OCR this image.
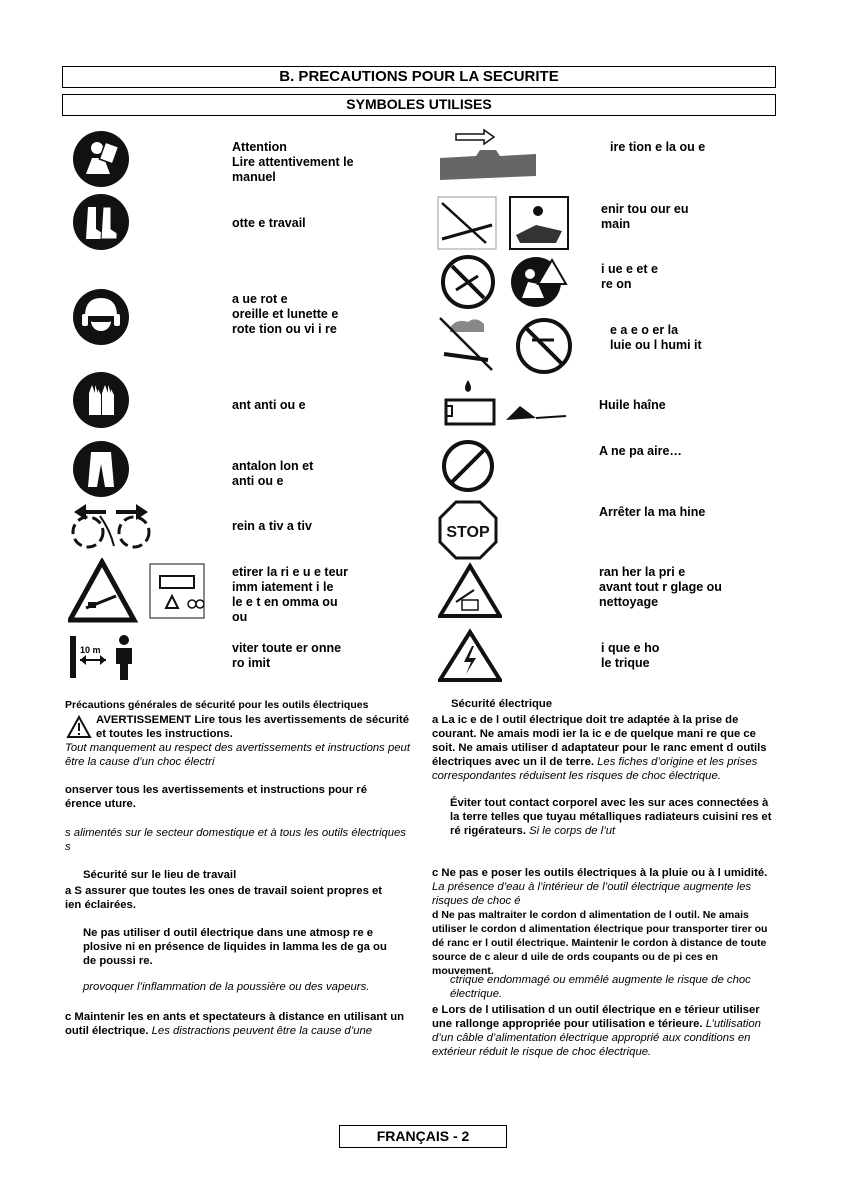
B. PRECAUTIONS POUR LA SECURITE
SYMBOLES UTILISES
Attention
Lire attentivement le
manuel
otte e travail
a ue rot e
oreille et lunette e
rote tion ou vi i re
ant anti ou e
antalon lon et
anti ou e
rein a tiv a tiv
etirer la ri e u e teur
imm iatement i le
le e t en omma ou
ou
10 m	viter toute er onne
ro imit
ire tion e la ou e
enir tou our eu
main
i ue e et e
re on
e a e o er la
luie ou l humi it
Huile haîne
A ne pa aire…
STOP
Arrêter la ma hine
ran her la pri e
avant tout r glage ou
nettoyage
i que e ho
le trique
Précautions générales de sécurité pour les outils électriques
AVERTISSEMENT Lire tous les avertissements de sécurité et toutes les instructions.
Tout manquement au respect des avertissements et instructions peut être la cause d’un choc électri
onserver tous les avertissements et instructions pour ré érence uture.
s alimentés sur le secteur domestique et à tous les outils électriques s
Sécurité sur le lieu de travail
a S assurer que toutes les ones de travail soient propres et ien éclairées.
Ne pas utiliser d outil électrique dans une atmosp re e plosive ni en présence de liquides in lamma les de ga ou de poussi re.
provoquer l’inflammation de la poussière ou des vapeurs.
c Maintenir les en ants et spectateurs à distance en utilisant un outil électrique. Les distractions peuvent être la cause d’une
Sécurité électrique
a La ic e de l outil électrique doit tre adaptée à la prise de courant. Ne amais modi ier la ic e de quelque mani re que ce soit. Ne amais utiliser d adaptateur pour le ranc ement d outils électriques avec un il de terre. Les fiches d’origine et les prises correspondantes réduisent les risques de choc électrique.
Éviter tout contact corporel avec les sur aces connectées à la terre telles que tuyau métalliques radiateurs cuisini res et ré rigérateurs. Si le corps de l’ut
c Ne pas e poser les outils électriques à la pluie ou à l umidité. La présence d’eau à l’intérieur de l’outil électrique augmente les risques de choc é
d Ne pas maltraiter le cordon d alimentation de l outil. Ne amais utiliser le cordon d alimentation électrique pour transporter tirer ou dé ranc er l outil électrique. Maintenir le cordon à distance de toute source de c aleur d uile de ords coupants ou de pi ces en mouvement.
ctrique endommagé ou emmêlé augmente le risque de choc électrique.
e Lors de l utilisation d un outil électrique en e térieur utiliser une rallonge appropriée pour utilisation e térieure. L’utilisation d’un câble d’alimentation électrique approprié aux conditions en extérieur réduit le risque de choc électrique.
FRANÇAIS - 2
